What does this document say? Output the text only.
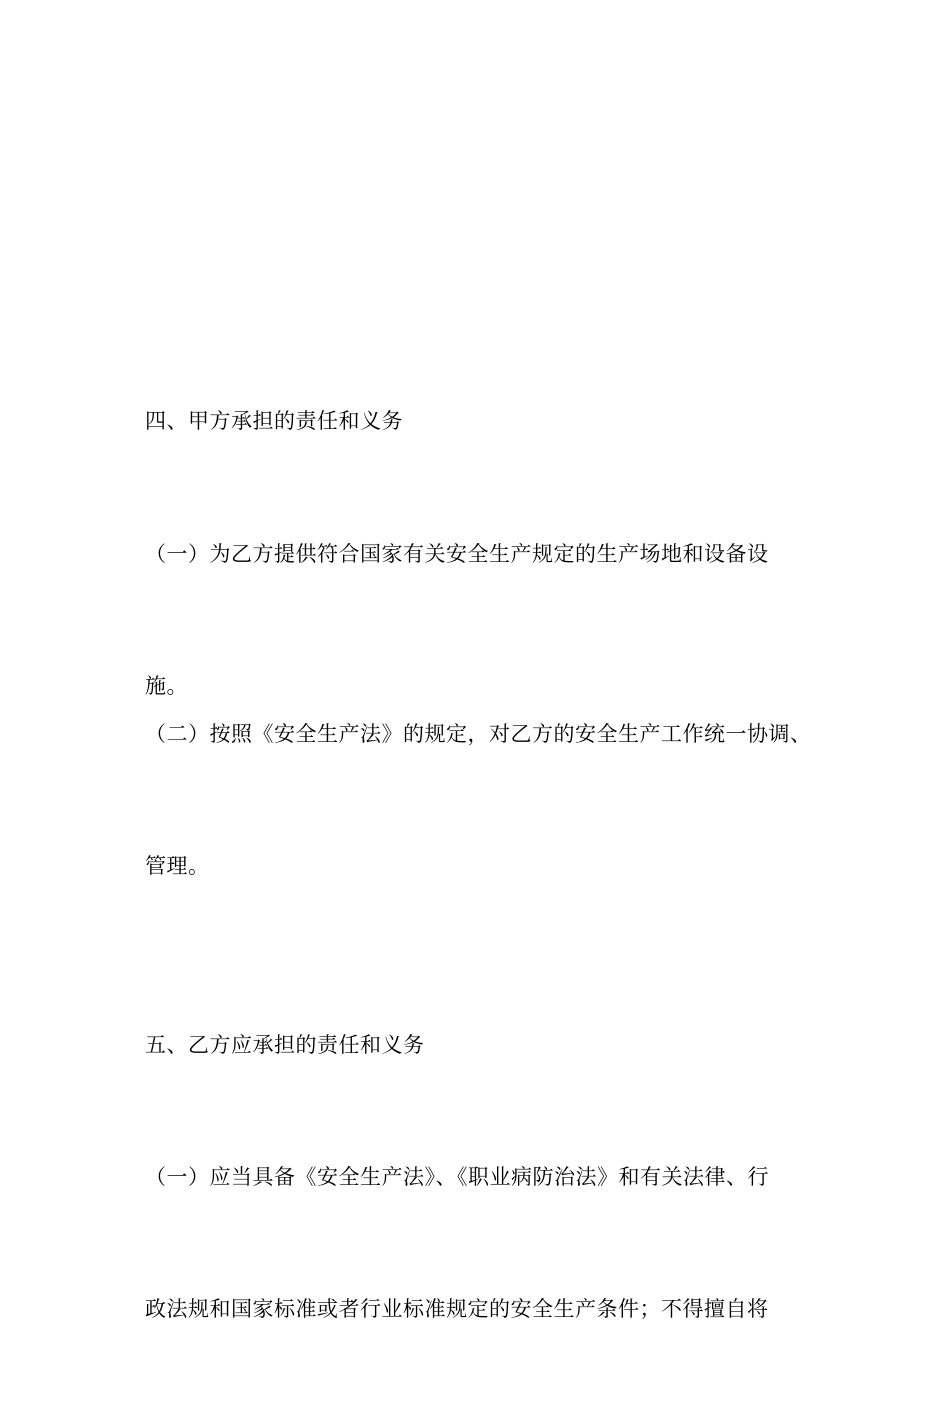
四、甲方承担的责任和义务

（一）为乙方提供符合国家有关安全生产规定的生产场地和设备设

施。

（二）按照《安全生产法》的规定，对乙方的安全生产工作统一协调、

管理。

五、乙方应承担的责任和义务

（一）应当具备《安全生产法》、《职业病防治法》和有关法律、行

政法规和国家标准或者行业标准规定的安全生产条件；不得擅自将
